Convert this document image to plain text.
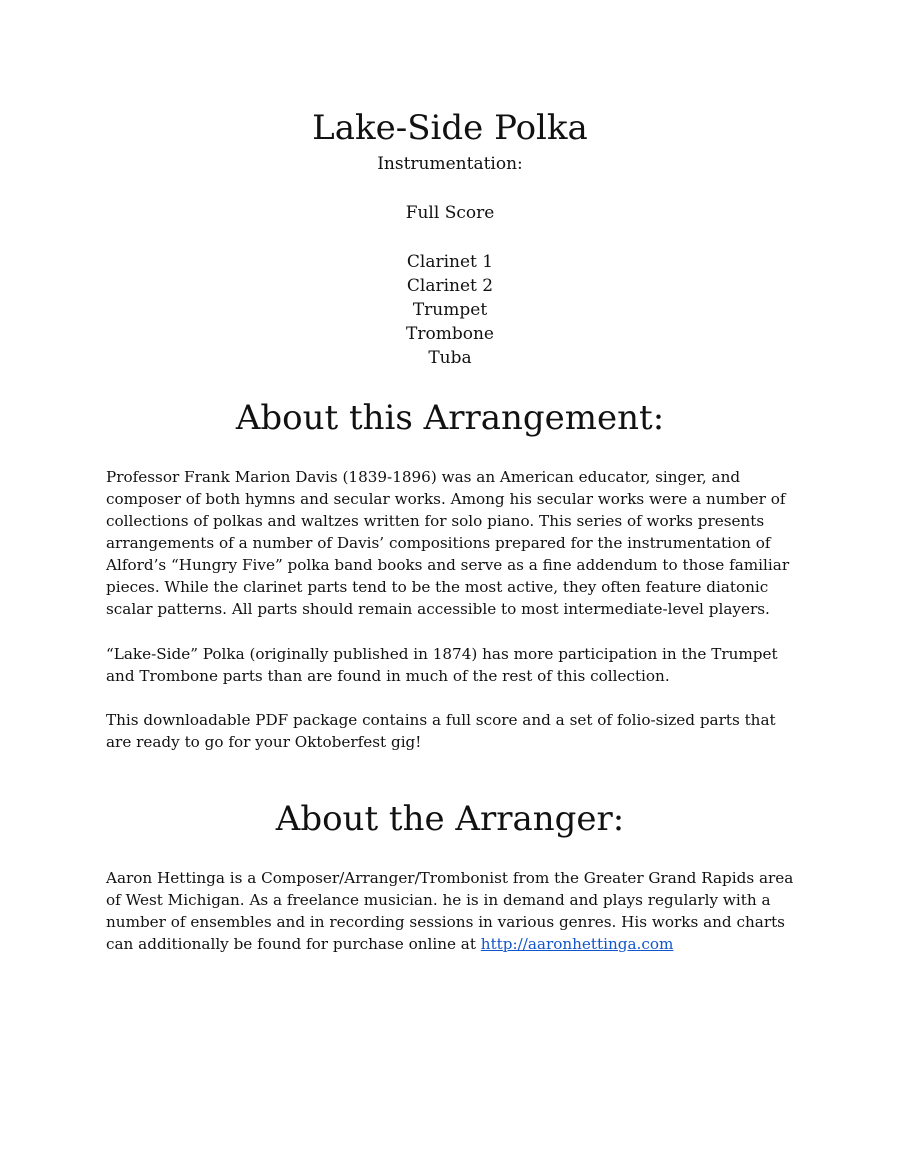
Lake-Side Polka
Instrumentation:
Full Score
Clarinet 1
Clarinet 2
Trumpet
Trombone
Tuba
About this Arrangement:

Professor Frank Marion Davis (1839-1896) was an American educator, singer, and composer of both hymns and secular works. Among his secular works were a number of collections of polkas and waltzes written for solo piano. This series of works presents arrangements of a number of Davis’ compositions prepared for the instrumentation of Alford’s “Hungry Five” polka band books and serve as a fine addendum to those familiar pieces. While the clarinet parts tend to be the most active, they often feature diatonic scalar patterns. All parts should remain accessible to most intermediate-level players.

“Lake-Side” Polka (originally published in 1874) has more participation in the Trumpet and Trombone parts than are found in much of the rest of this collection.

This downloadable PDF package contains a full score and a set of folio-sized parts that are ready to go for your Oktoberfest gig!

About the Arranger:

Aaron Hettinga is a Composer/Arranger/Trombonist from the Greater Grand Rapids area of West Michigan. As a freelance musician. he is in demand and plays regularly with a number of ensembles and in recording sessions in various genres. His works and charts can additionally be found for purchase online at http://aaronhettinga.com
